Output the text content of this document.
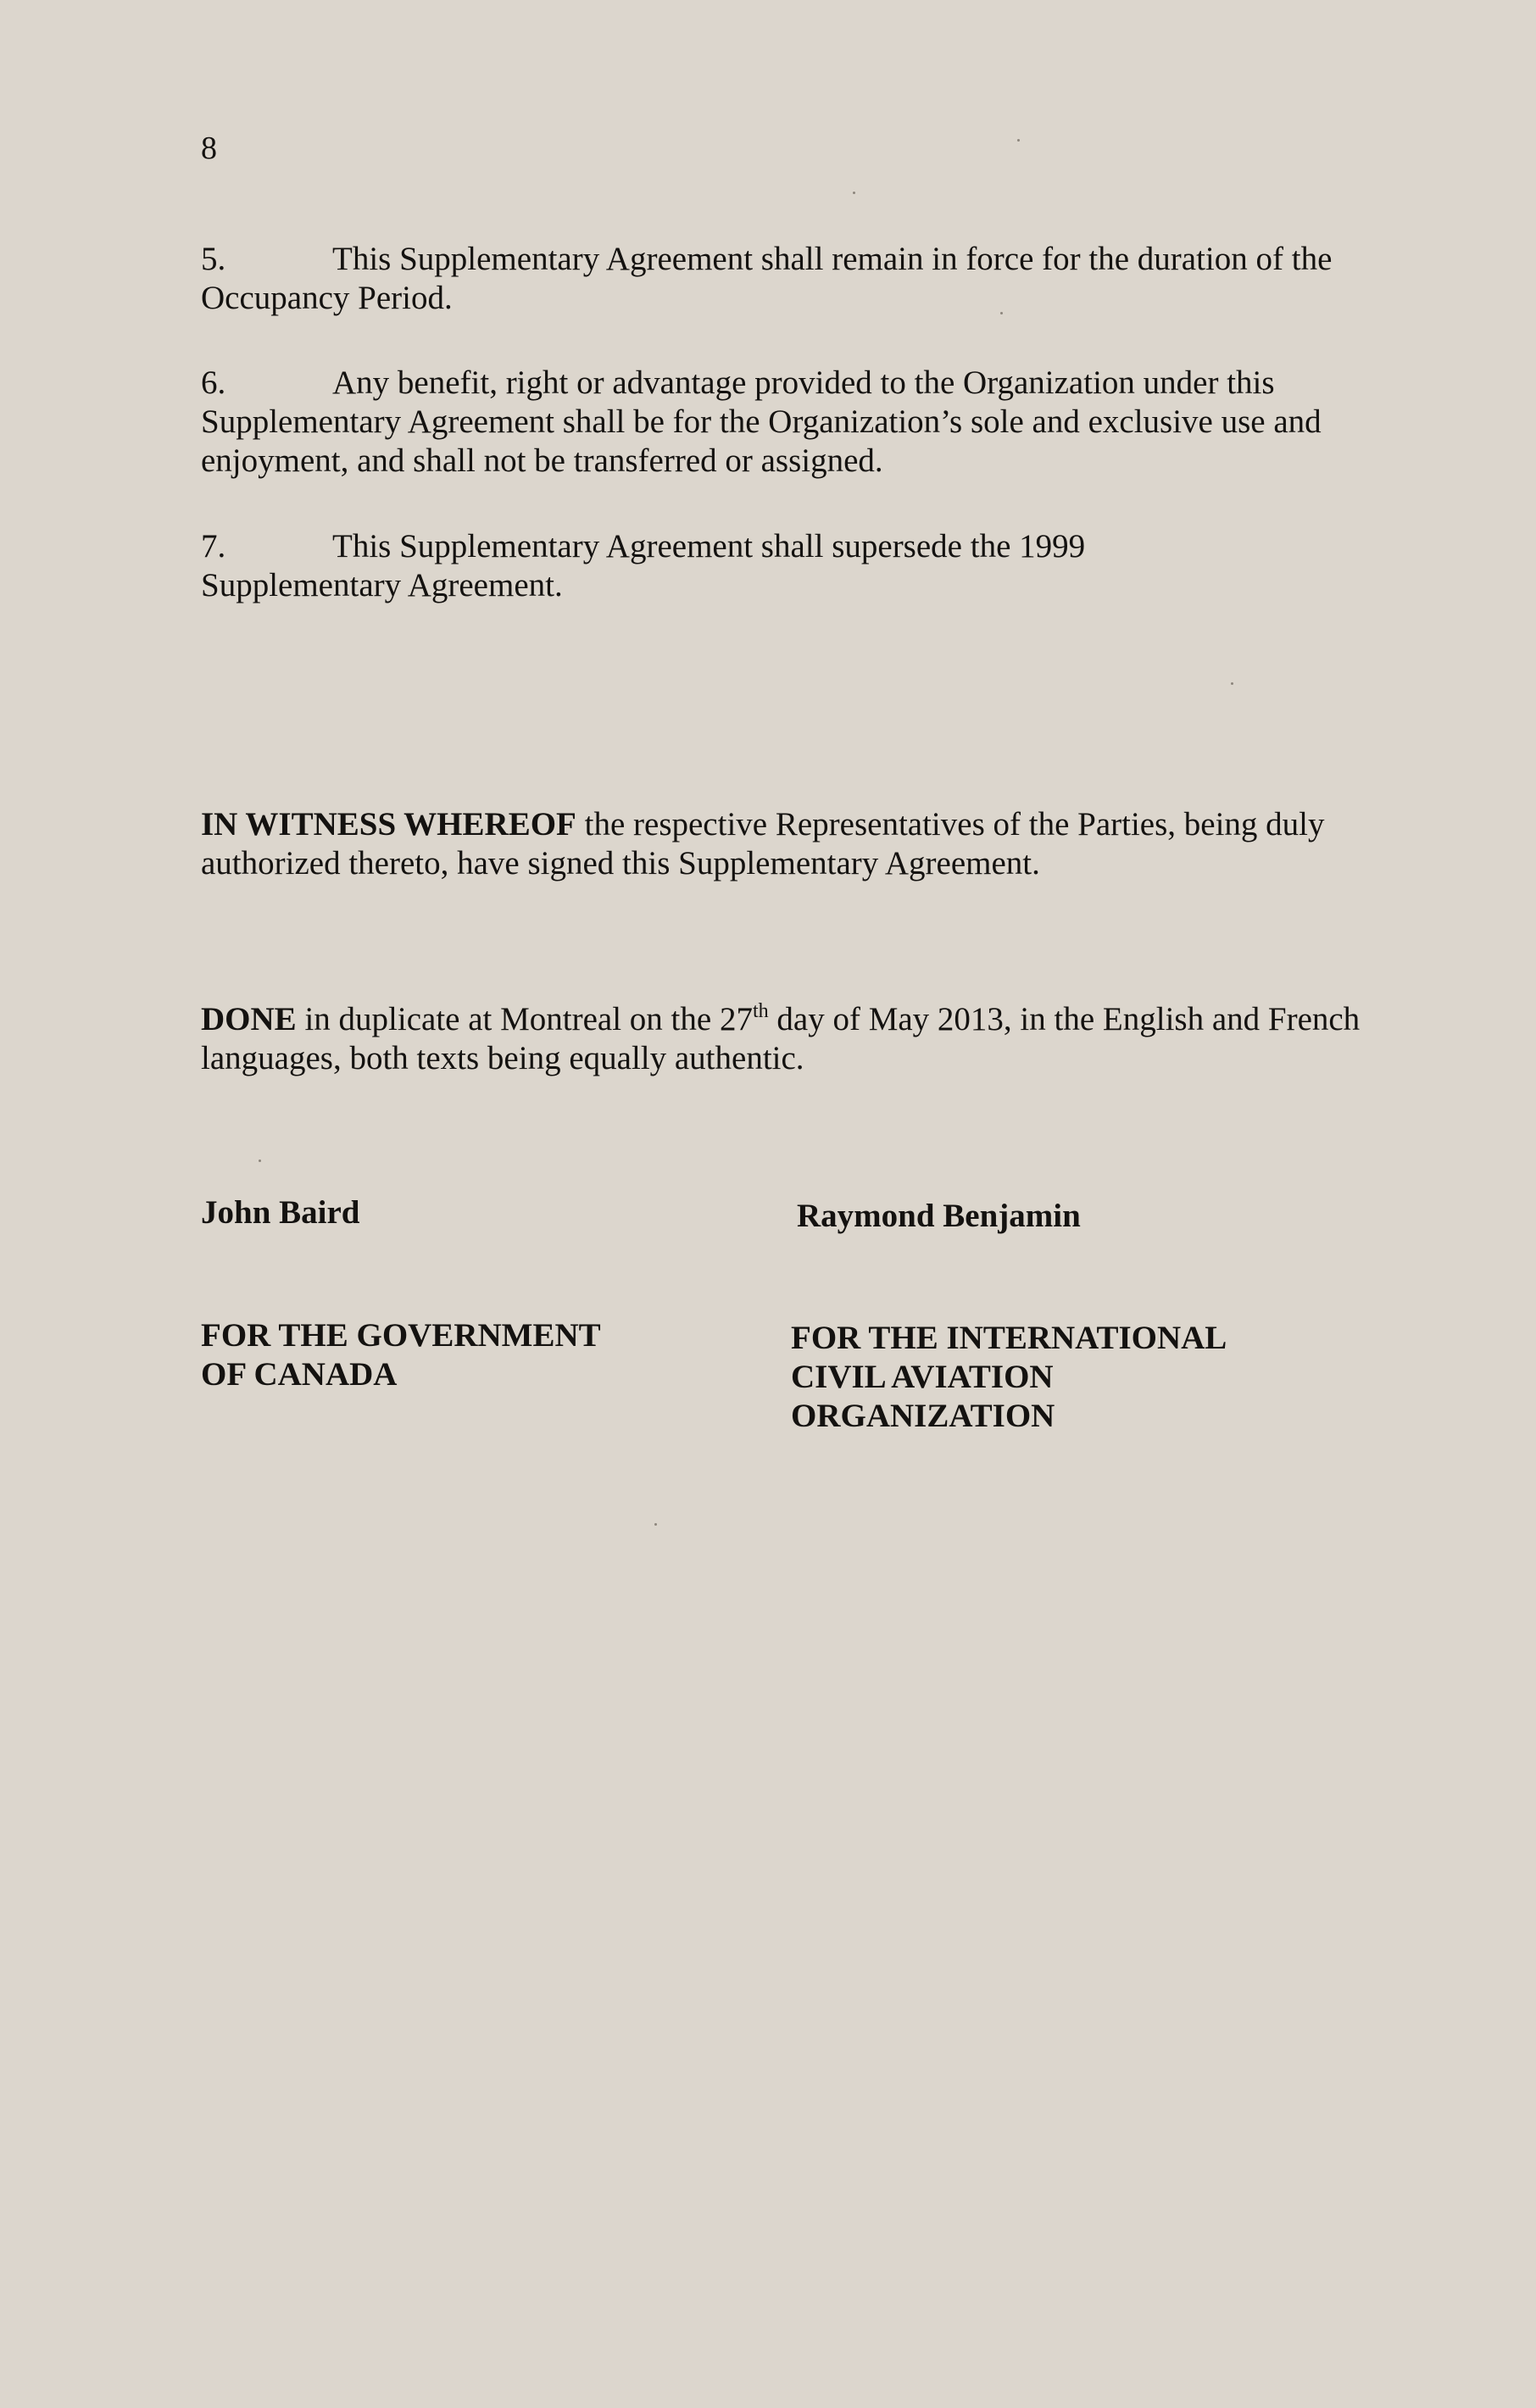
8
5.	This Supplementary Agreement shall remain in force for the duration of the Occupancy Period.
6.	Any benefit, right or advantage provided to the Organization under this Supplementary Agreement shall be for the Organization’s sole and exclusive use and enjoyment, and shall not be transferred or assigned.
7.	This Supplementary Agreement shall supersede the 1999 Supplementary Agreement.
IN WITNESS WHEREOF the respective Representatives of the Parties, being duly authorized thereto, have signed this Supplementary Agreement.
DONE in duplicate at Montreal on the 27th day of May 2013, in the English and French languages, both texts being equally authentic.
John Baird	Raymond Benjamin
FOR THE GOVERNMENT
OF CANADA
FOR THE INTERNATIONAL
CIVIL AVIATION
ORGANIZATION
